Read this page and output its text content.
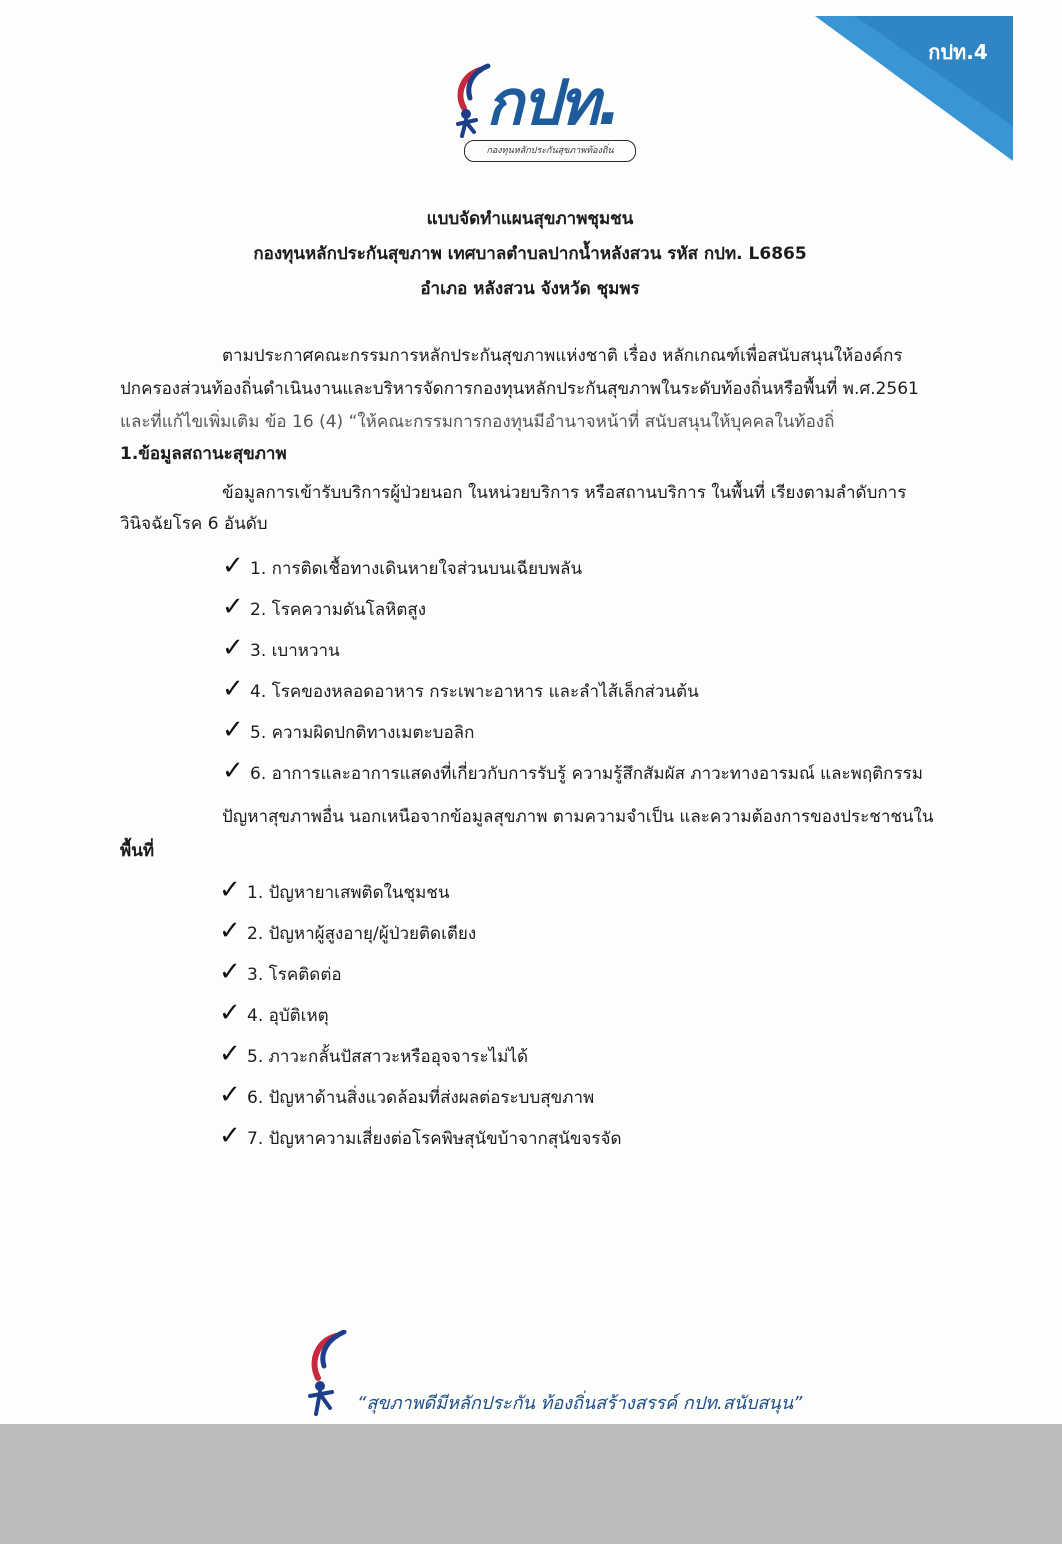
กปท.4
กปท.
กองทุนหลักประกันสุขภาพท้องถิ่น
แบบจัดทำแผนสุขภาพชุมชน
กองทุนหลักประกันสุขภาพ เทศบาลตำบลปากน้ำหลังสวน รหัส กปท. L6865
อำเภอ หลังสวน จังหวัด ชุมพร

ตามประกาศคณะกรรมการหลักประกันสุขภาพแห่งชาติ เรื่อง หลักเกณฑ์เพื่อสนับสนุนให้องค์กร

ปกครองส่วนท้องถิ่นดำเนินงานและบริหารจัดการกองทุนหลักประกันสุขภาพในระดับท้องถิ่นหรือพื้นที่ พ.ศ.2561

และที่แก้ไขเพิ่มเติม ข้อ 16 (4) “ให้คณะกรรมการกองทุนมีอำนาจหน้าที่ สนับสนุนให้บุคคลในท้องถิ่

1.ข้อมูลสถานะสุขภาพ
ข้อมูลการเข้ารับบริการผู้ป่วยนอก ในหน่วยบริการ หรือสถานบริการ ในพื้นที่ เรียงตามลำดับการ
วินิจฉัยโรค 6 อันดับ
✓ 1. การติดเชื้อทางเดินหายใจส่วนบนเฉียบพลัน
✓ 2. โรคความดันโลหิตสูง
✓ 3. เบาหวาน
✓ 4. โรคของหลอดอาหาร กระเพาะอาหาร และลำไส้เล็กส่วนต้น
✓ 5. ความผิดปกติทางเมตะบอลิก
✓ 6. อาการและอาการแสดงที่เกี่ยวกับการรับรู้ ความรู้สึกสัมผัส ภาวะทางอารมณ์ และพฤติกรรม
ปัญหาสุขภาพอื่น นอกเหนือจากข้อมูลสุขภาพ ตามความจำเป็น และความต้องการของประชาชนใน
พื้นที่
✓ 1. ปัญหายาเสพติดในชุมชน
✓ 2. ปัญหาผู้สูงอายุ/ผู้ป่วยติดเตียง
✓ 3. โรคติดต่อ
✓ 4. อุบัติเหตุ
✓ 5. ภาวะกลั้นปัสสาวะหรืออุจจาระไม่ได้
✓ 6. ปัญหาด้านสิ่งแวดล้อมที่ส่งผลต่อระบบสุขภาพ
✓ 7. ปัญหาความเสี่ยงต่อโรคพิษสุนัขบ้าจากสุนัขจรจัด
“สุขภาพดีมีหลักประกัน ท้องถิ่นสร้างสรรค์ กปท.สนับสนุน”
